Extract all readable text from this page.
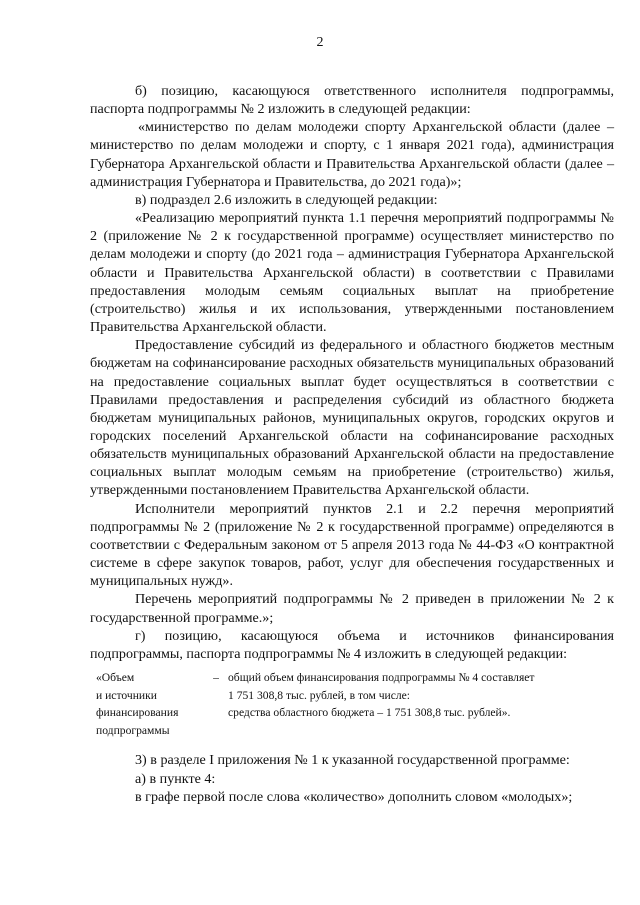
2

б) позицию, касающуюся ответственного исполнителя подпрограммы, паспорта подпрограммы № 2 изложить в следующей редакции:

«министерство по делам молодежи спорту Архангельской области (далее – министерство по делам молодежи и спорту, с 1 января 2021 года), администрация Губернатора Архангельской области и Правительства Архангельской области (далее – администрация Губернатора и Правительства, до 2021 года)»;

в) подраздел 2.6 изложить в следующей редакции:

«Реализацию мероприятий пункта 1.1 перечня мероприятий подпрограммы № 2 (приложение № 2 к государственной программе) осуществляет министерство по делам молодежи и спорту (до 2021 года – администрация Губернатора Архангельской области и Правительства Архангельской области) в соответствии с Правилами предоставления молодым семьям социальных выплат на приобретение (строительство) жилья и их использования, утвержденными постановлением Правительства Архангельской области.

Предоставление субсидий из федерального и областного бюджетов местным бюджетам на софинансирование расходных обязательств муниципальных образований на предоставление социальных выплат будет осуществляться в соответствии с Правилами предоставления и распределения субсидий из областного бюджета бюджетам муниципальных районов, муниципальных округов, городских округов и городских поселений Архангельской области на софинансирование расходных обязательств муниципальных образований Архангельской области на предоставление социальных выплат молодым семьям на приобретение (строительство) жилья, утвержденными постановлением Правительства Архангельской области.

Исполнители мероприятий пунктов 2.1 и 2.2 перечня мероприятий подпрограммы № 2 (приложение № 2 к государственной программе) определяются в соответствии с Федеральным законом от 5 апреля 2013 года № 44-ФЗ «О контрактной системе в сфере закупок товаров, работ, услуг для обеспечения государственных и муниципальных нужд».

Перечень мероприятий подпрограммы № 2 приведен в приложении № 2 к государственной программе.»;

г) позицию, касающуюся объема и источников финансирования подпрограммы, паспорта подпрограммы № 4 изложить в следующей редакции:

«Объем
и источники
финансирования
подпрограммы
– общий объем финансирования подпрограммы № 4 составляет
1 751 308,8 тыс. рублей, в том числе:
средства областного бюджета – 1 751 308,8 тыс. рублей».

3) в разделе I приложения № 1 к указанной государственной программе:

а) в пункте 4:

в графе первой после слова «количество» дополнить словом «молодых»;
